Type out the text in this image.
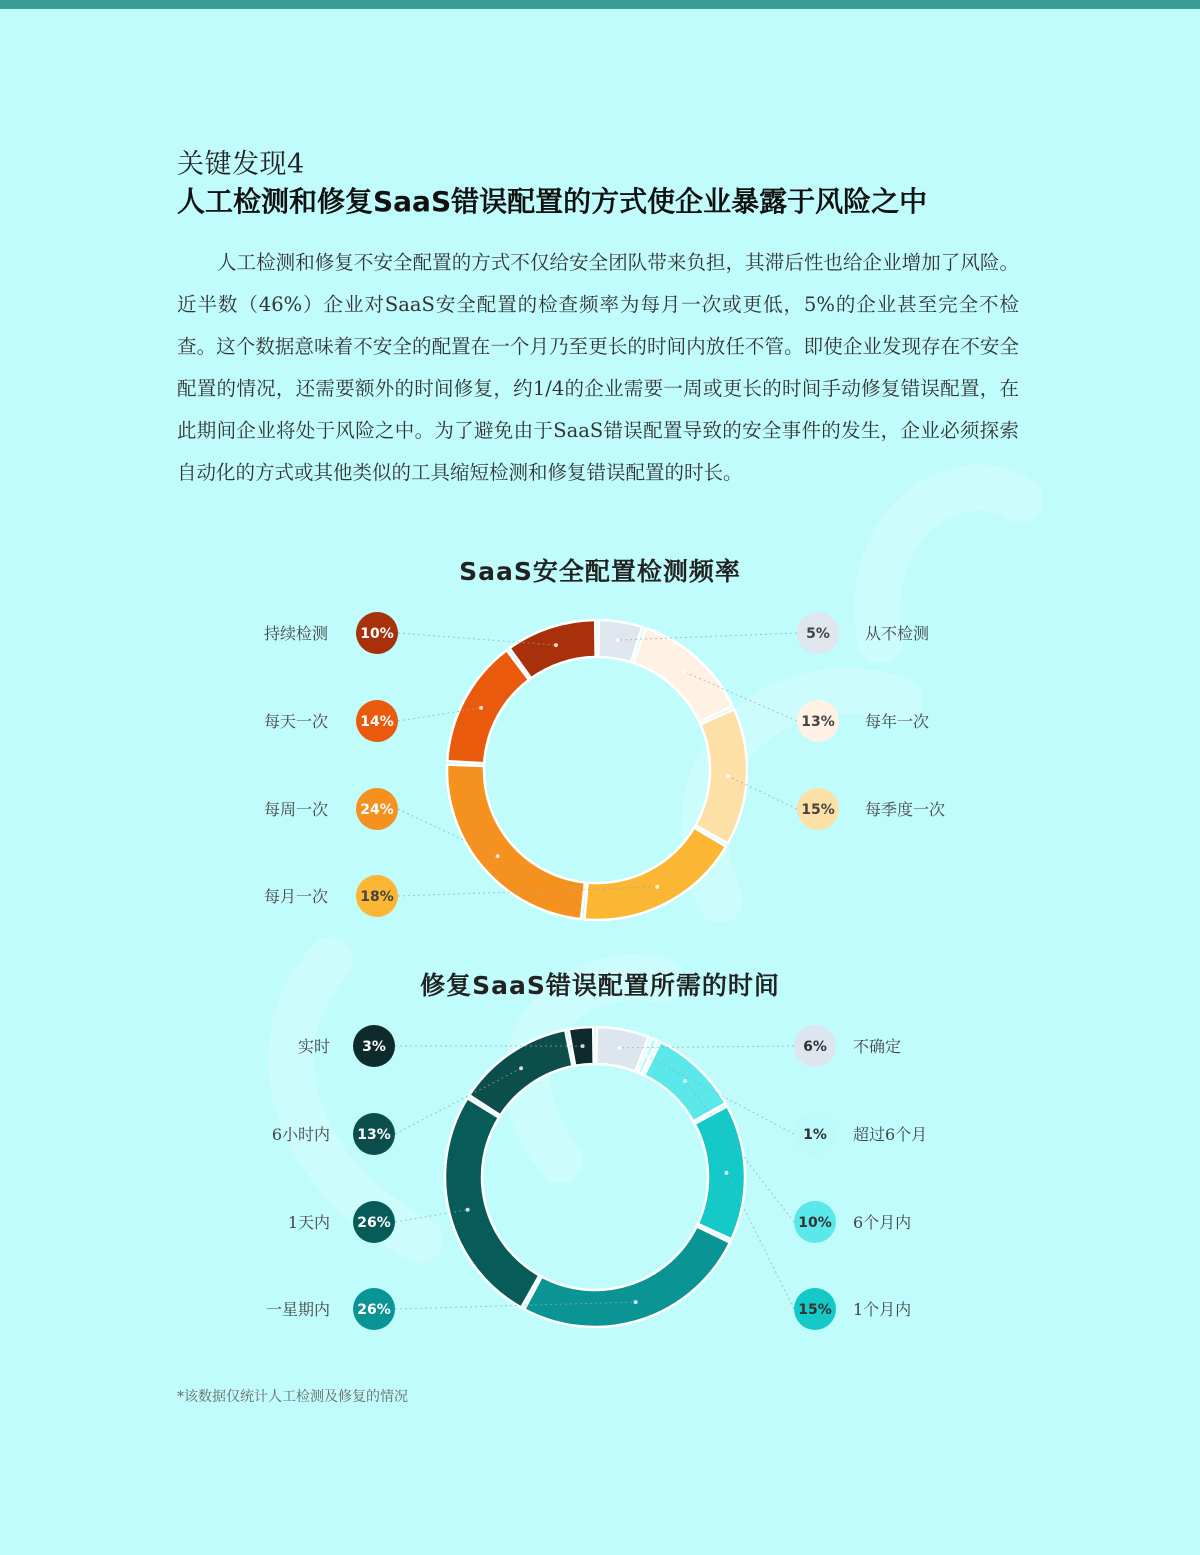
关键发现4
人工检测和修复SaaS错误配置的方式使企业暴露于风险之中

人工检测和修复不安全配置的方式不仅给安全团队带来负担，其滞后性也给企业增加了风险。近半数（46%）企业对SaaS安全配置的检查频率为每月一次或更低，5%的企业甚至完全不检查。这个数据意味着不安全的配置在一个月乃至更长的时间内放任不管。即使企业发现存在不安全配置的情况，还需要额外的时间修复，约1/4的企业需要一周或更长的时间手动修复错误配置，在此期间企业将处于风险之中。为了避免由于SaaS错误配置导致的安全事件的发生，企业必须探索自动化的方式或其他类似的工具缩短检测和修复错误配置的时长。

SaaS安全配置检测频率
10%
持续检测
14%
每天一次
24%
每周一次
18%
每月一次
5% 从不检测
13% 每年一次
15% 每季度一次
修复SaaS错误配置所需的时间
3%
实时
13%
6小时内
26%
1天内
26%
一星期内
6% 不确定
1% 超过6个月
10% 6个月内
15% 1个月内
*该数据仅统计人工检测及修复的情况
